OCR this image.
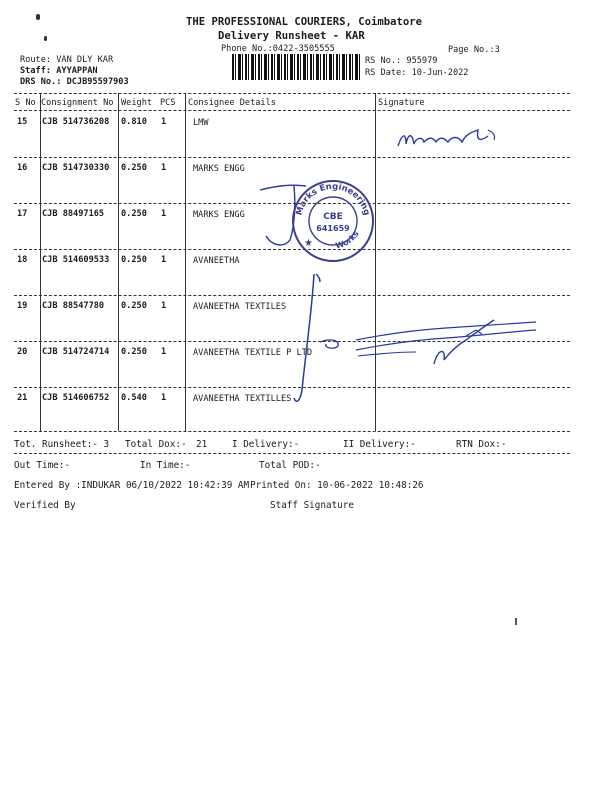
THE PROFESSIONAL COURIERS, Coimbatore
Delivery Runsheet - KAR
Phone No.:0422-3505555	Page No.:3
Route: VAN DLY KAR
Staff: AYYAPPAN
DRS No.: DCJB95597903
RS No.: 955979
RS Date: 10-Jun-2022
S No Consignment No Weight PCS Consignee Details	Signature
15 CJB 514736208 0.810 1	LMW
16 CJB 514730330 0.250 1	MARKS ENGG
17 CJB 88497165 0.250 1	MARKS ENGG
18 CJB 514609533 0.250 1	AVANEETHA
19 CJB 88547780 0.250 1	AVANEETHA TEXTILES
20 CJB 514724714 0.250 1	AVANEETHA TEXTILE P LTD
21 CJB 514606752 0.540 1	AVANEETHA TEXTILLES
Marks Engineering
Works
CBE
641659
★
Tot. Runsheet:- 3 Total Dox:- 21	I Delivery:-	II Delivery:-	RTN Dox:-
Out Time:-	In Time:-	Total POD:-
Entered By :INDUKAR 06/10/2022 10:42:39 AM Printed On: 10-06-2022 10:48:26
Verified By	Staff Signature
